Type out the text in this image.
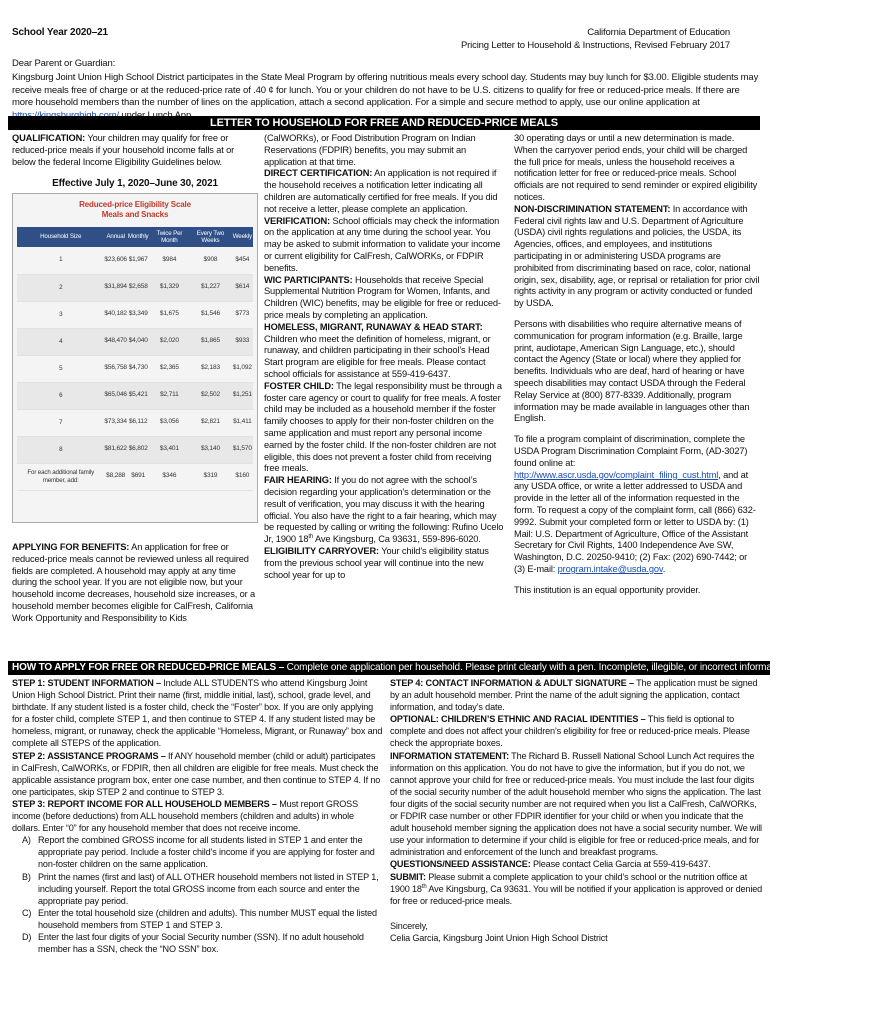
School Year 2020–21	California Department of Education
Pricing Letter to Household & Instructions, Revised February 2017
Dear Parent or Guardian:
Kingsburg Joint Union High School District participates in the State Meal Program by offering nutritious meals every school day. Students may buy lunch for $3.00. Eligible students may receive meals free of charge or at the reduced-price rate of .40 ¢ for lunch. You or your children do not have to be U.S. citizens to qualify for free or reduced-price meals. If there are more household members than the number of lines on the application, attach a second application. For a simple and secure method to apply, use our online application at
LETTER TO HOUSEHOLD FOR FREE AND REDUCED-PRICE MEALS

QUALIFICATION: Your children may qualify for free or reduced-price meals if your household income falls at or below the federal Income Eligibility Guidelines below.

Effective July 1, 2020–June 30, 2021
Reduced-price Eligibility Scale
Meals and Snacks
Household Size	Annual	Monthly	Twice Per Month	Every Two Weeks	Weekly
1	$23,606	$1,967	$984	$908	$454
2	$31,894	$2,658	$1,329	$1,227	$614
3	$40,182	$3,349	$1,675	$1,546	$773
4	$48,470	$4,040	$2,020	$1,865	$933
5	$56,758	$4,730	$2,365	$2,183	$1,092
6	$65,046	$5,421	$2,711	$2,502	$1,251
7	$73,334	$6,112	$3,056	$2,821	$1,411
8	$81,622	$6,802	$3,401	$3,140	$1,570
For each additional family member, add:	$8,288	$691	$346	$319	$160
APPLYING FOR BENEFITS: An application for free or reduced-price meals cannot be reviewed unless all required fields are completed. A household may apply at any time during the school year. If you are not eligible now, but your household income decreases, household size increases, or a household member becomes eligible for CalFresh, California Work Opportunity and Responsibility to Kids

(CalWORKs), or Food Distribution Program on Indian Reservations (FDPIR) benefits, you may submit an application at that time.

DIRECT CERTIFICATION: An application is not required if the household receives a notification letter indicating all children are automatically certified for free meals. If you did not receive a letter, please complete an application.

VERIFICATION: School officials may check the information on the application at any time during the school year. You may be asked to submit information to validate your income or current eligibility for CalFresh, CalWORKs, or FDPIR benefits.

WIC PARTICIPANTS: Households that receive Special Supplemental Nutrition Program for Women, Infants, and Children (WIC) benefits, may be eligible for free or reduced-price meals by completing an application.

HOMELESS, MIGRANT, RUNAWAY & HEAD START: Children who meet the definition of homeless, migrant, or runaway, and children participating in their school’s Head Start program are eligible for free meals. Please contact school officials for assistance at 559-419-6437.

FOSTER CHILD: The legal responsibility must be through a foster care agency or court to qualify for free meals. A foster child may be included as a household member if the foster family chooses to apply for their non-foster children on the same application and must report any personal income earned by the foster child. If the non-foster children are not eligible, this does not prevent a foster child from receiving free meals.

FAIR HEARING: If you do not agree with the school’s decision regarding your application’s determination or the result of verification, you may discuss it with the hearing official. You also have the right to a fair hearing, which may be requested by calling or writing the following: Rufino Ucelo Jr, 1900 18th Ave Kingsburg, Ca 93631, 559-896-6020.

ELIGIBILITY CARRYOVER: Your child’s eligibility status from the previous school year will continue into the new school year for up to

30 operating days or until a new determination is made. When the carryover period ends, your child will be charged the full price for meals, unless the household receives a notification letter for free or reduced-price meals. School officials are not required to send reminder or expired eligibility notices.

NON-DISCRIMINATION STATEMENT: In accordance with Federal civil rights law and U.S. Department of Agriculture (USDA) civil rights regulations and policies, the USDA, its Agencies, offices, and employees, and institutions participating in or administering USDA programs are prohibited from discriminating based on race, color, national origin, sex, disability, age, or reprisal or retaliation for prior civil rights activity in any program or activity conducted or funded by USDA.

Persons with disabilities who require alternative means of communication for program information (e.g. Braille, large print, audiotape, American Sign Language, etc.), should contact the Agency (State or local) where they applied for benefits. Individuals who are deaf, hard of hearing or have speech disabilities may contact USDA through the Federal Relay Service at (800) 877-8339. Additionally, program information may be made available in languages other than English.

To file a program complaint of discrimination, complete the USDA Program Discrimination Complaint Form, (AD-3027) found online at: http://www.ascr.usda.gov/complaint_filing_cust.html, and at any USDA office, or write a letter addressed to USDA and provide in the letter all of the information requested in the form. To request a copy of the complaint form, call (866) 632-9992. Submit your completed form or letter to USDA by: (1) Mail: U.S. Department of Agriculture, Office of the Assistant Secretary for Civil Rights, 1400 Independence Ave SW, Washington, D.C. 20250-9410; (2) Fax: (202) 690-7442; or (3) E-mail: program.intake@usda.gov.

This institution is an equal opportunity provider.

HOW TO APPLY FOR FREE OR REDUCED-PRICE MEALS – Complete one application per household. Please print clearly with a pen. Incomplete, illegible, or incorrect information will delay processing.

STEP 1: STUDENT INFORMATION – Include ALL STUDENTS who attend Kingsburg Joint Union High School District. Print their name (first, middle initial, last), school, grade level, and birthdate. If any student listed is a foster child, check the “Foster” box. If you are only applying for a foster child, complete STEP 1, and then continue to STEP 4. If any student listed may be homeless, migrant, or runaway, check the applicable “Homeless, Migrant, or Runaway” box and complete all STEPS of the application.

STEP 2: ASSISTANCE PROGRAMS – If ANY household member (child or adult) participates in CalFresh, CalWORKs, or FDPIR, then all children are eligible for free meals. Must check the applicable assistance program box, enter one case number, and then continue to STEP 4. If no one participates, skip STEP 2 and continue to STEP 3.

STEP 3: REPORT INCOME FOR ALL HOUSEHOLD MEMBERS – Must report GROSS income (before deductions) from ALL household members (children and adults) in whole dollars. Enter “0” for any household member that does not receive income.

A) Report the combined GROSS income for all students listed in STEP 1 and enter the appropriate pay period. Include a foster child’s income if you are applying for foster and non-foster children on the same application.
B) Print the names (first and last) of ALL OTHER household members not listed in STEP 1, including yourself. Report the total GROSS income from each source and enter the appropriate pay period.
C) Enter the total household size (children and adults). This number MUST equal the listed household members from STEP 1 and STEP 3.
D) Enter the last four digits of your Social Security number (SSN). If no adult household member has a SSN, check the “NO SSN” box.

STEP 4: CONTACT INFORMATION & ADULT SIGNATURE – The application must be signed by an adult household member. Print the name of the adult signing the application, contact information, and today’s date.

OPTIONAL: CHILDREN’S ETHNIC AND RACIAL IDENTITIES – This field is optional to complete and does not affect your children’s eligibility for free or reduced-price meals. Please check the appropriate boxes.

INFORMATION STATEMENT: The Richard B. Russell National School Lunch Act requires the information on this application. You do not have to give the information, but if you do not, we cannot approve your child for free or reduced-price meals. You must include the last four digits of the social security number of the adult household member who signs the application. The last four digits of the social security number are not required when you list a CalFresh, CalWORKs, or FDPIR case number or other FDPIR identifier for your child or when you indicate that the adult household member signing the application does not have a social security number. We will use your information to determine if your child is eligible for free or reduced-price meals, and for administration and enforcement of the lunch and breakfast programs.

QUESTIONS/NEED ASSISTANCE: Please contact Celia Garcia at 559-419-6437.

SUBMIT: Please submit a complete application to your child’s school or the nutrition office at 1900 18th Ave Kingsburg, Ca 93631. You will be notified if your application is approved or denied for free or reduced-price meals.

Sincerely,

Celia Garcia, Kingsburg Joint Union High School District
